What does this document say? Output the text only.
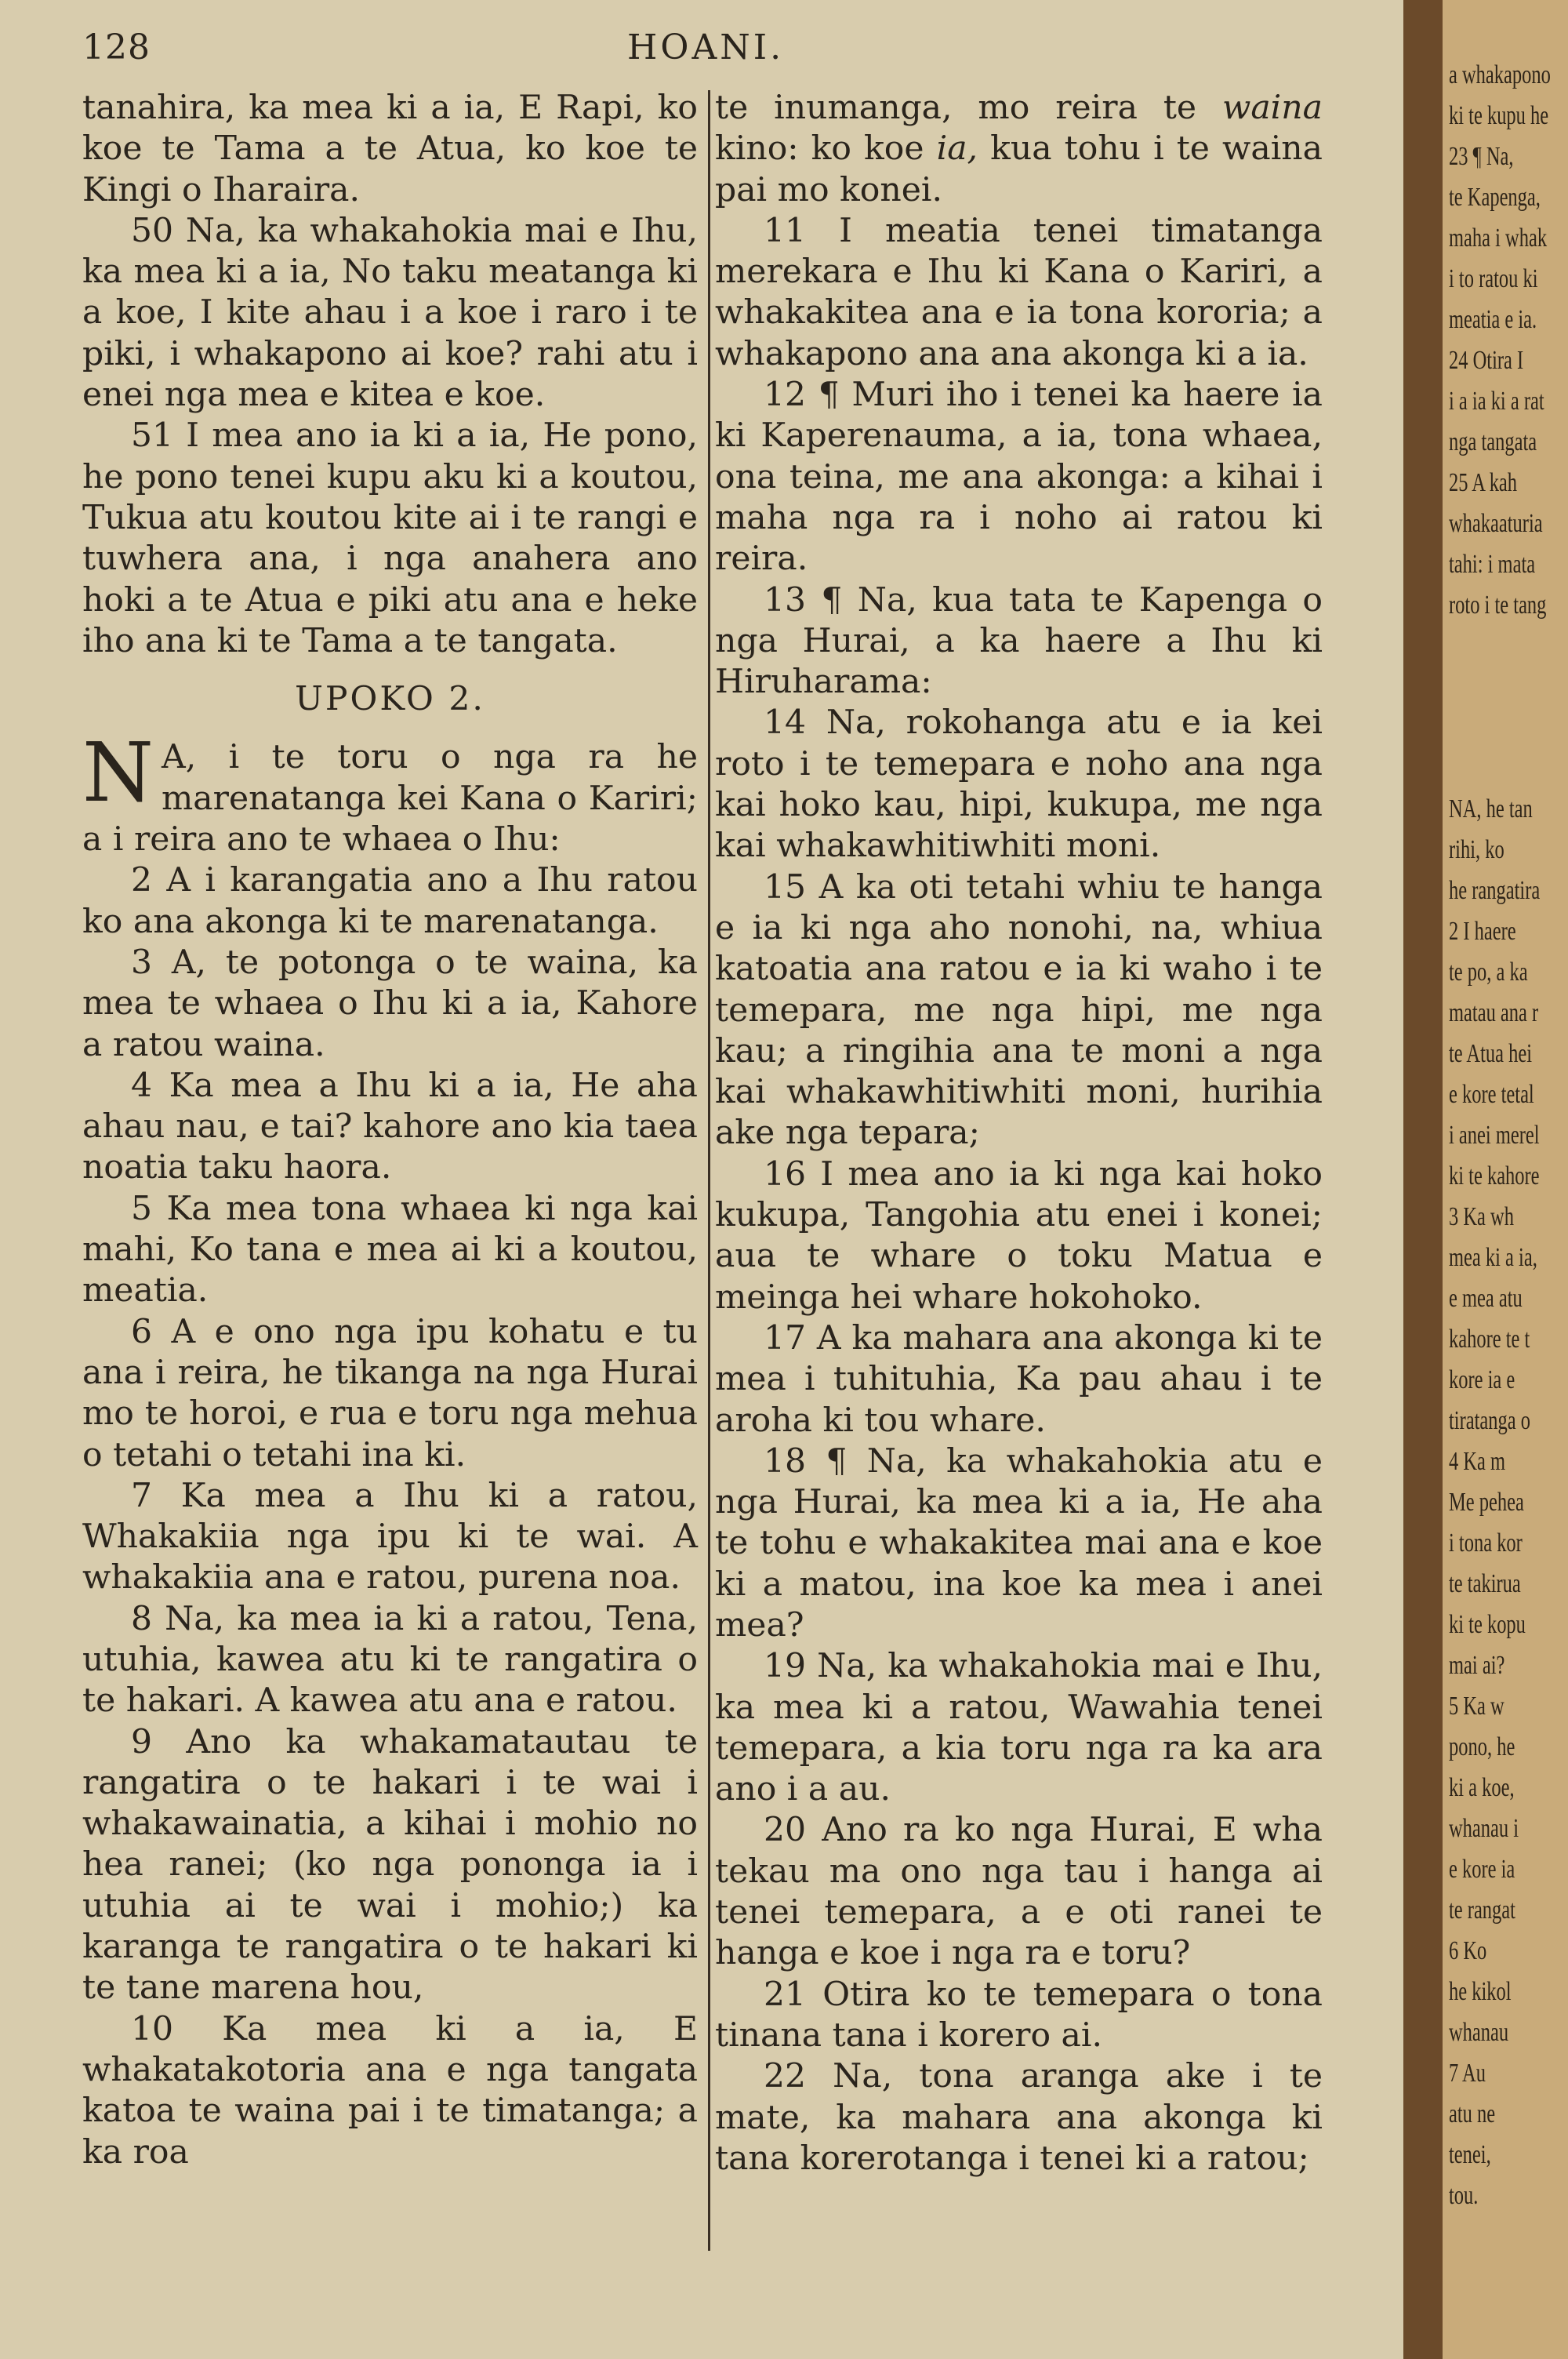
128	HOANI.

tanahira, ka mea ki a ia, E Rapi, ko koe te Tama a te Atua, ko koe te Kingi o Iharaira.

50 Na, ka whakahokia mai e Ihu, ka mea ki a ia, No taku meatanga ki a koe, I kite ahau i a koe i raro i te piki, i whakapono ai koe? rahi atu i enei nga mea e kitea e koe.

51 I mea ano ia ki a ia, He pono, he pono tenei kupu aku ki a koutou, Tukua atu koutou kite ai i te rangi e tuwhera ana, i nga anahera ano hoki a te Atua e piki atu ana e heke iho ana ki te Tama a te tangata.

UPOKO 2.

N A, i te toru o nga ra he marenatanga kei Kana o Kariri; a i reira ano te whaea o Ihu:

2 A i karangatia ano a Ihu ratou ko ana akonga ki te marenatanga.

3 A, te potonga o te waina, ka mea te whaea o Ihu ki a ia, Kahore a ratou waina.

4 Ka mea a Ihu ki a ia, He aha ahau nau, e tai? kahore ano kia taea noatia taku haora.

5 Ka mea tona whaea ki nga kai mahi, Ko tana e mea ai ki a koutou, meatia.

6 A e ono nga ipu kohatu e tu ana i reira, he tikanga na nga Hurai mo te horoi, e rua e toru nga mehua o tetahi o tetahi ina ki.

7 Ka mea a Ihu ki a ratou, Whakakiia nga ipu ki te wai. A whakakiia ana e ratou, purena noa.

8 Na, ka mea ia ki a ratou, Tena, utuhia, kawea atu ki te rangatira o te hakari. A kawea atu ana e ratou.

9 Ano ka whakamatautau te rangatira o te hakari i te wai i whakawainatia, a kihai i mohio no hea ranei; (ko nga pononga ia i utuhia ai te wai i mohio;) ka karanga te rangatira o te hakari ki te tane marena hou,

10 Ka mea ki a ia, E whakatakotoria ana e nga tangata katoa te waina pai i te timatanga; a ka roa

te inumanga, mo reira te waina kino: ko koe ia, kua tohu i te waina pai mo konei.

11 I meatia tenei timatanga merekara e Ihu ki Kana o Kariri, a whakakitea ana e ia tona kororia; a whakapono ana ana akonga ki a ia.

12 ¶ Muri iho i tenei ka haere ia ki Kaperenauma, a ia, tona whaea, ona teina, me ana akonga: a kihai i maha nga ra i noho ai ratou ki reira.

13 ¶ Na, kua tata te Kapenga o nga Hurai, a ka haere a Ihu ki Hiruharama:

14 Na, rokohanga atu e ia kei roto i te temepara e noho ana nga kai hoko kau, hipi, kukupa, me nga kai whakawhitiwhiti moni.

15 A ka oti tetahi whiu te hanga e ia ki nga aho nonohi, na, whiua katoatia ana ratou e ia ki waho i te temepara, me nga hipi, me nga kau; a ringihia ana te moni a nga kai whakawhitiwhiti moni, hurihia ake nga tepara;

16 I mea ano ia ki nga kai hoko kukupa, Tangohia atu enei i konei; aua te whare o toku Matua e meinga hei whare hokohoko.

17 A ka mahara ana akonga ki te mea i tuhituhia, Ka pau ahau i te aroha ki tou whare.

18 ¶ Na, ka whakahokia atu e nga Hurai, ka mea ki a ia, He aha te tohu e whakakitea mai ana e koe ki a matou, ina koe ka mea i anei mea?

19 Na, ka whakahokia mai e Ihu, ka mea ki a ratou, Wawahia tenei temepara, a kia toru nga ra ka ara ano i a au.

20 Ano ra ko nga Hurai, E wha tekau ma ono nga tau i hanga ai tenei temepara, a e oti ranei te hanga e koe i nga ra e toru?

21 Otira ko te temepara o tona tinana tana i korero ai.

22 Na, tona aranga ake i te mate, ka mahara ana akonga ki tana korerotanga i tenei ki a ratou;

a whakapono
ki te kupu he
23 ¶ Na,
te Kapenga,
maha i whak
i to ratou ki
meatia e ia.
24 Otira I
i a ia ki a rat
nga tangata
25 A kah
whakaaturia
tahi: i mata
roto i te tang

NA, he tan
rihi, ko
he rangatira
2 I haere
te po, a ka
matau ana r
te Atua hei
e kore tetal
i anei merel
ki te kahore
3 Ka wh
mea ki a ia,
e mea atu
kahore te t
kore ia e
tiratanga o
4 Ka m
Me pehea
i tona kor
te takirua
ki te kopu
mai ai?
5 Ka w
pono, he
ki a koe,
whanau i
e kore ia
te rangat
6 Ko
he kikol
whanau
7 Au
atu ne
tenei,
tou.
